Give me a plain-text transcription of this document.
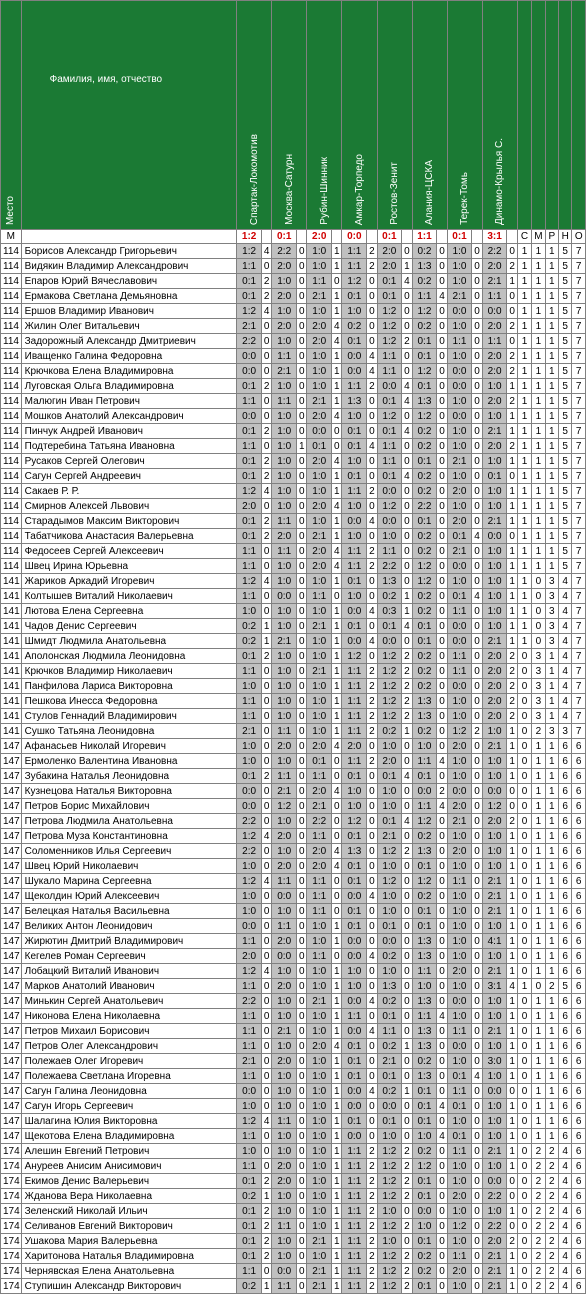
Место	Фамилия, имя, отчество	Спартак-Локомотив		Москва-Сатурн		Рубин-Шинник		Амкар-Торпедо		Ростов-Зенит		Алания-ЦСКА		Терек-Томь		Динамо-Крылья С.						
М		1:2		0:1		2:0		0:0		0:1		1:1		0:1		3:1		С	М	Р	Н	О
114	Борисов Александр Григорьевич	1:2	4	2:2	0	1:0	1	1:1	2	2:0	0	0:2	0	1:0	0	2:2	0	1	1	1	5	7
114	Видякин Владимир Александрович	1:1	0	2:0	0	1:0	1	1:1	2	2:0	1	1:3	0	1:0	0	2:0	2	1	1	1	5	7
114	Епаров Юрий Вячеславович	0:1	2	1:0	0	1:1	0	1:2	0	0:1	4	0:2	0	1:0	0	2:1	1	1	1	1	5	7
114	Ермакова Светлана Демьяновна	0:1	2	2:0	0	2:1	1	0:1	0	0:1	0	1:1	4	2:1	0	1:1	0	1	1	1	5	7
114	Ершов Владимир Иванович	1:2	4	1:0	0	1:0	1	1:0	0	1:2	0	1:2	0	0:0	0	0:0	0	1	1	1	5	7
114	Жилин Олег Витальевич	2:1	0	2:0	0	2:0	4	0:2	0	1:2	0	0:2	0	1:0	0	2:0	2	1	1	1	5	7
114	Задорожный Александр Дмитриевич	2:2	0	1:0	0	2:0	4	0:1	0	1:2	2	0:1	0	1:1	0	1:1	0	1	1	1	5	7
114	Иващенко Галина Федоровна	0:0	0	1:1	0	1:0	1	0:0	4	1:1	0	0:1	0	1:0	0	2:0	2	1	1	1	5	7
114	Крючкова Елена Владимировна	0:0	0	2:1	0	1:0	1	0:0	4	1:1	0	1:2	0	0:0	0	2:0	2	1	1	1	5	7
114	Луговская Ольга Владимировна	0:1	2	1:0	0	1:0	1	1:1	2	0:0	4	0:1	0	0:0	0	1:0	1	1	1	1	5	7
114	Малюгин Иван Петрович	1:1	0	1:1	0	2:1	1	1:3	0	0:1	4	1:3	0	1:0	0	2:0	2	1	1	1	5	7
114	Мошков Анатолий Александрович	0:0	0	1:0	0	2:0	4	1:0	0	1:2	0	1:2	0	0:0	0	1:0	1	1	1	1	5	7
114	Пинчук Андрей Иванович	0:1	2	1:0	0	0:0	0	0:1	0	0:1	4	0:2	0	1:0	0	2:1	1	1	1	1	5	7
114	Подтеребина Татьяна Ивановна	1:1	0	1:0	1	0:1	0	0:1	4	1:1	0	0:2	0	1:0	0	2:0	2	1	1	1	5	7
114	Русаков Сергей Олегович	0:1	2	1:0	0	2:0	4	1:0	0	1:1	0	0:1	0	2:1	0	1:0	1	1	1	1	5	7
114	Сагун Сергей Андреевич	0:1	2	1:0	0	1:0	1	0:1	0	0:1	4	0:2	0	1:0	0	0:1	0	1	1	1	5	7
114	Сакаев Р. Р.	1:2	4	1:0	0	1:0	1	1:1	2	0:0	0	0:2	0	2:0	0	1:0	1	1	1	1	5	7
114	Смирнов Алексей Львович	2:0	0	1:0	0	2:0	4	1:0	0	1:2	0	2:2	0	1:0	0	1:0	1	1	1	1	5	7
114	Старадымов Максим Викторович	0:1	2	1:1	0	1:0	1	0:0	4	0:0	0	0:1	0	2:0	0	2:1	1	1	1	1	5	7
114	Табатчикова Анастасия Валерьевна	0:1	2	2:0	0	2:1	1	1:0	0	1:0	0	0:2	0	0:1	4	0:0	0	1	1	1	5	7
114	Федосеев Сергей Алексеевич	1:1	0	1:1	0	2:0	4	1:1	2	1:1	0	0:2	0	2:1	0	1:0	1	1	1	1	5	7
114	Швец Ирина Юрьевна	1:1	0	1:0	0	2:0	4	1:1	2	2:2	0	1:2	0	0:0	0	1:0	1	1	1	1	5	7
141	Жариков Аркадий Игоревич	1:2	4	1:0	0	1:0	1	0:1	0	1:3	0	1:2	0	1:0	0	1:0	1	1	0	3	4	7
141	Колтышев Виталий Николаевич	1:1	0	0:0	0	1:1	0	1:0	0	0:2	1	0:2	0	0:1	4	1:0	1	1	0	3	4	7
141	Лютова Елена Сергеевна	1:0	0	1:0	0	1:0	1	0:0	4	0:3	1	0:2	0	1:1	0	1:0	1	1	0	3	4	7
141	Чадов Денис Сергеевич	0:2	1	1:0	0	2:1	1	0:1	0	0:1	4	0:1	0	0:0	0	1:0	1	1	0	3	4	7
141	Шмидт Людмила Анатольевна	0:2	1	2:1	0	1:0	1	0:0	4	0:0	0	0:1	0	0:0	0	2:1	1	1	0	3	4	7
141	Аполонская Людмила Леонидовна	0:1	2	1:0	0	1:0	1	1:2	0	1:2	2	0:2	0	1:1	0	2:0	2	0	3	1	4	7
141	Крючков Владимир Николаевич	1:1	0	1:0	0	2:1	1	1:1	2	1:2	2	0:2	0	1:1	0	2:0	2	0	3	1	4	7
141	Панфилова Лариса Викторовна	1:0	0	1:0	0	1:0	1	1:1	2	1:2	2	0:2	0	0:0	0	2:0	2	0	3	1	4	7
141	Пешкова Инесса Федоровна	1:1	0	1:0	0	1:0	1	1:1	2	1:2	2	1:3	0	1:0	0	2:0	2	0	3	1	4	7
141	Стулов Геннадий Владимирович	1:1	0	1:0	0	1:0	1	1:1	2	1:2	2	1:3	0	1:0	0	2:0	2	0	3	1	4	7
141	Сушко Татьяна Леонидовна	2:1	0	1:1	0	1:0	1	1:1	2	0:2	1	0:2	0	1:2	2	1:0	1	0	2	3	3	7
147	Афанасьев Николай Игоревич	1:0	0	2:0	0	2:0	4	2:0	0	1:0	0	1:0	0	2:0	0	2:1	1	0	1	1	6	6
147	Ермоленко Валентина Ивановна	1:0	0	1:0	0	0:1	0	1:1	2	2:0	0	1:1	4	1:0	0	1:0	1	0	1	1	6	6
147	Зубакина Наталья Леонидовна	0:1	2	1:1	0	1:1	0	0:1	0	0:1	4	0:1	0	1:0	0	1:0	1	0	1	1	6	6
147	Кузнецова Наталья Викторовна	0:0	0	2:1	0	2:0	4	1:0	0	1:0	0	0:0	2	0:0	0	0:0	0	0	1	1	6	6
147	Петров Борис Михайлович	0:0	0	1:2	0	2:1	0	1:0	0	1:0	0	1:1	4	2:0	0	1:2	0	0	1	1	6	6
147	Петрова Людмила Анатольевна	2:2	0	1:0	0	2:2	0	1:2	0	0:1	4	1:2	0	2:1	0	2:0	2	0	1	1	6	6
147	Петрова Муза Константиновна	1:2	4	2:0	0	1:1	0	0:1	0	2:1	0	0:2	0	1:0	0	1:0	1	0	1	1	6	6
147	Соломенников Илья Сергеевич	2:2	0	1:0	0	2:0	4	1:3	0	1:2	2	1:3	0	2:0	0	1:0	1	0	1	1	6	6
147	Швец Юрий Николаевич	1:0	0	2:0	0	2:0	4	0:1	0	1:0	0	0:1	0	1:0	0	1:0	1	0	1	1	6	6
147	Шукало Марина Сергеевна	1:2	4	1:1	0	1:1	0	0:1	0	1:2	0	1:2	0	1:1	0	2:1	1	0	1	1	6	6
147	Щеколдин Юрий Алексеевич	1:0	0	0:0	0	1:1	0	0:0	4	1:0	0	0:2	0	1:0	0	2:1	1	0	1	1	6	6
147	Белецкая Наталья Васильевна	1:0	0	1:0	0	1:1	0	0:1	0	1:0	0	0:1	0	1:0	0	2:1	1	0	1	1	6	6
147	Великих Антон Леонидович	0:0	0	1:1	0	1:0	1	0:1	0	0:1	0	0:1	0	1:0	0	1:0	1	0	1	1	6	6
147	Жирютин Дмитрий Владимирович	1:1	0	2:0	0	1:0	1	0:0	0	0:0	0	1:3	0	1:0	0	4:1	1	0	1	1	6	6
147	Кегелев Роман Сергеевич	2:0	0	0:0	0	1:1	0	0:0	4	0:2	0	1:3	0	1:0	0	1:0	1	0	1	1	6	6
147	Лобацкий Виталий Иванович	1:2	4	1:0	0	1:0	1	1:0	0	1:0	0	1:1	0	2:0	0	2:1	1	0	1	1	6	6
147	Марков Анатолий Иванович	1:1	0	2:0	0	1:0	1	1:0	0	1:3	0	1:0	0	1:0	0	3:1	4	1	0	2	5	6
147	Минькин Сергей Анатольевич	2:2	0	1:0	0	2:1	1	0:0	4	0:2	0	1:3	0	0:0	0	1:0	1	0	1	1	6	6
147	Никонова Елена Николаевна	1:1	0	1:0	0	1:0	1	1:1	0	0:1	0	1:1	4	1:0	0	1:0	1	0	1	1	6	6
147	Петров Михаил Борисович	1:1	0	2:1	0	1:0	1	0:0	4	1:1	0	1:3	0	1:1	0	2:1	1	0	1	1	6	6
147	Петров Олег Александрович	1:1	0	1:0	0	2:0	4	0:1	0	0:2	1	1:3	0	0:0	0	1:0	1	0	1	1	6	6
147	Полежаев Олег Игоревич	2:1	0	2:0	0	1:0	1	0:1	0	2:1	0	0:2	0	1:0	0	3:0	1	0	1	1	6	6
147	Полежаева Светлана Игоревна	1:1	0	1:0	0	1:0	1	0:1	0	0:1	0	1:3	0	0:1	4	1:0	1	0	1	1	6	6
147	Сагун Галина Леонидовна	0:0	0	1:0	0	1:0	1	0:0	4	0:2	1	0:1	0	1:1	0	0:0	0	0	1	1	6	6
147	Сагун Игорь Сергеевич	1:0	0	1:0	0	1:0	1	0:0	0	0:0	0	0:1	4	0:1	0	1:0	1	0	1	1	6	6
147	Шалагина Юлия Викторовна	1:2	4	1:1	0	1:0	1	0:1	0	0:1	0	0:1	0	1:0	0	1:0	1	0	1	1	6	6
147	Щекотова Елена Владимировна	1:1	0	1:0	0	1:0	1	0:0	0	1:0	0	1:0	4	0:1	0	1:0	1	0	1	1	6	6
174	Алешин Евгений Петрович	1:0	0	1:0	0	1:0	1	1:1	2	1:2	2	0:2	0	1:1	0	2:1	1	0	2	2	4	6
174	Ануреев Анисим Анисимович	1:1	0	2:0	0	1:0	1	1:1	2	1:2	2	1:2	0	1:0	0	1:0	1	0	2	2	4	6
174	Екимов Денис Валерьевич	0:1	2	2:0	0	1:0	1	1:1	2	1:2	2	0:1	0	1:0	0	0:0	0	0	2	2	4	6
174	Жданова Вера Николаевна	0:2	1	1:0	0	1:0	1	1:1	2	1:2	2	0:1	0	2:0	0	2:2	0	0	2	2	4	6
174	Зеленский Николай Ильич	0:1	2	1:0	0	1:0	1	1:1	2	1:0	0	0:0	0	1:0	0	1:0	1	0	2	2	4	6
174	Селиванов Евгений Викторович	0:1	2	1:1	0	1:0	1	1:1	2	1:2	2	1:0	0	1:2	0	2:2	0	0	2	2	4	6
174	Ушакова Мария Валерьевна	0:1	2	1:0	0	2:1	1	1:1	2	1:0	0	0:1	0	1:0	0	2:0	2	0	2	2	4	6
174	Харитонова Наталья Владимировна	0:1	2	1:0	0	1:0	1	1:1	2	1:2	2	0:2	0	1:1	0	2:1	1	0	2	2	4	6
174	Чернявская Елена Анатольевна	1:1	0	0:0	0	2:1	1	1:1	2	1:2	2	0:2	0	2:0	0	2:1	1	0	2	2	4	6
174	Ступишин Александр Викторович	0:2	1	1:1	0	2:1	1	1:1	2	1:2	2	0:1	0	1:0	0	2:1	1	0	2	2	4	6
